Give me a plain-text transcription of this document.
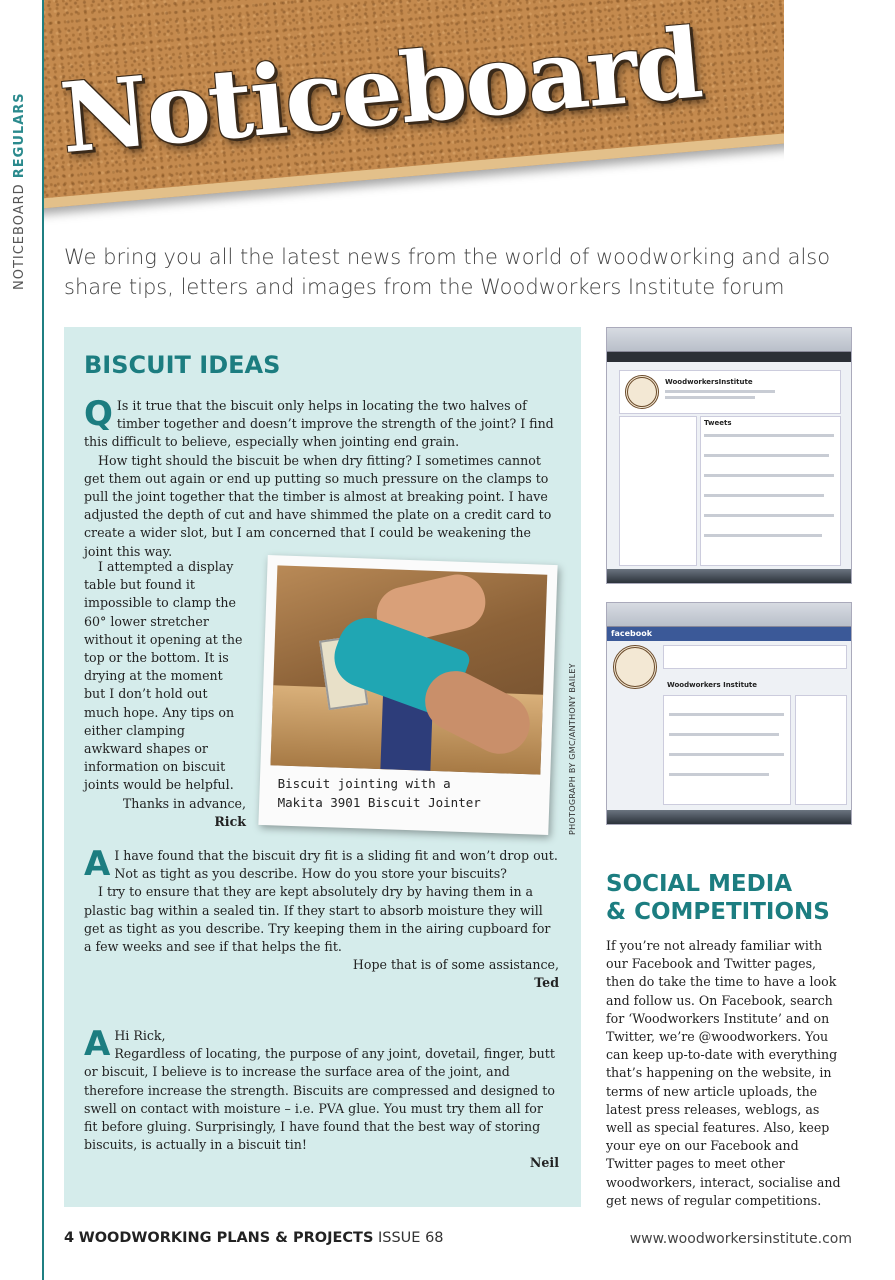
NOTICEBOARD REGULARS Noticeboard
We bring you all the latest news from the world of woodworking and also share tips, letters and images from the Woodworkers Institute forum
BISCUIT IDEAS
Q Is it true that the biscuit only helps in locating the two halves of timber together and doesn’t improve the strength of the joint? I find this difficult to believe, especially when jointing end grain.

How tight should the biscuit be when dry fitting? I sometimes cannot get them out again or end up putting so much pressure on the clamps to pull the joint together that the timber is almost at breaking point. I have adjusted the depth of cut and have shimmed the plate on a credit card to create a wider slot, but I am concerned that I could be weakening the joint this way.

I attempted a display table but found it impossible to clamp the 60° lower stretcher without it opening at the top or the bottom. It is drying at the moment but I don’t hold out much hope. Any tips on either clamping awkward shapes or information on biscuit joints would be helpful.

Thanks in advance,

Rick

A I have found that the biscuit dry fit is a sliding fit and won’t drop out. Not as tight as you describe. How do you store your biscuits?

I try to ensure that they are kept absolutely dry by having them in a plastic bag within a sealed tin. If they start to absorb moisture they will get as tight as you describe. Try keeping them in the airing cupboard for a few weeks and see if that helps the fit.

Hope that is of some assistance,

Ted

A Hi Rick,

Regardless of locating, the purpose of any joint, dovetail, finger, butt or biscuit, I believe is to increase the surface area of the joint, and therefore increase the strength. Biscuits are compressed and designed to swell on contact with moisture – i.e. PVA glue. You must try them all for fit before gluing. Surprisingly, I have found that the best way of storing biscuits, is actually in a biscuit tin!

Neil

Biscuit jointing with a
Makita 3901 Biscuit Jointer	PHOTOGRAPH BY GMC/ANTHONY BAILEY
WoodworkersInstitute
Tweets
facebook
Woodworkers Institute
SOCIAL MEDIA
& COMPETITIONS
If you’re not already familiar with our Facebook and Twitter pages, then do take the time to have a look and follow us. On Facebook, search for ‘Woodworkers Institute’ and on Twitter, we’re @woodworkers. You can keep up-to-date with everything that’s happening on the website, in terms of new article uploads, the latest press releases, weblogs, as well as special features. Also, keep your eye on our Facebook and Twitter pages to meet other woodworkers, interact, socialise and get news of regular competitions.
4 WOODWORKING PLANS & PROJECTS ISSUE 68	www.woodworkersinstitute.com
